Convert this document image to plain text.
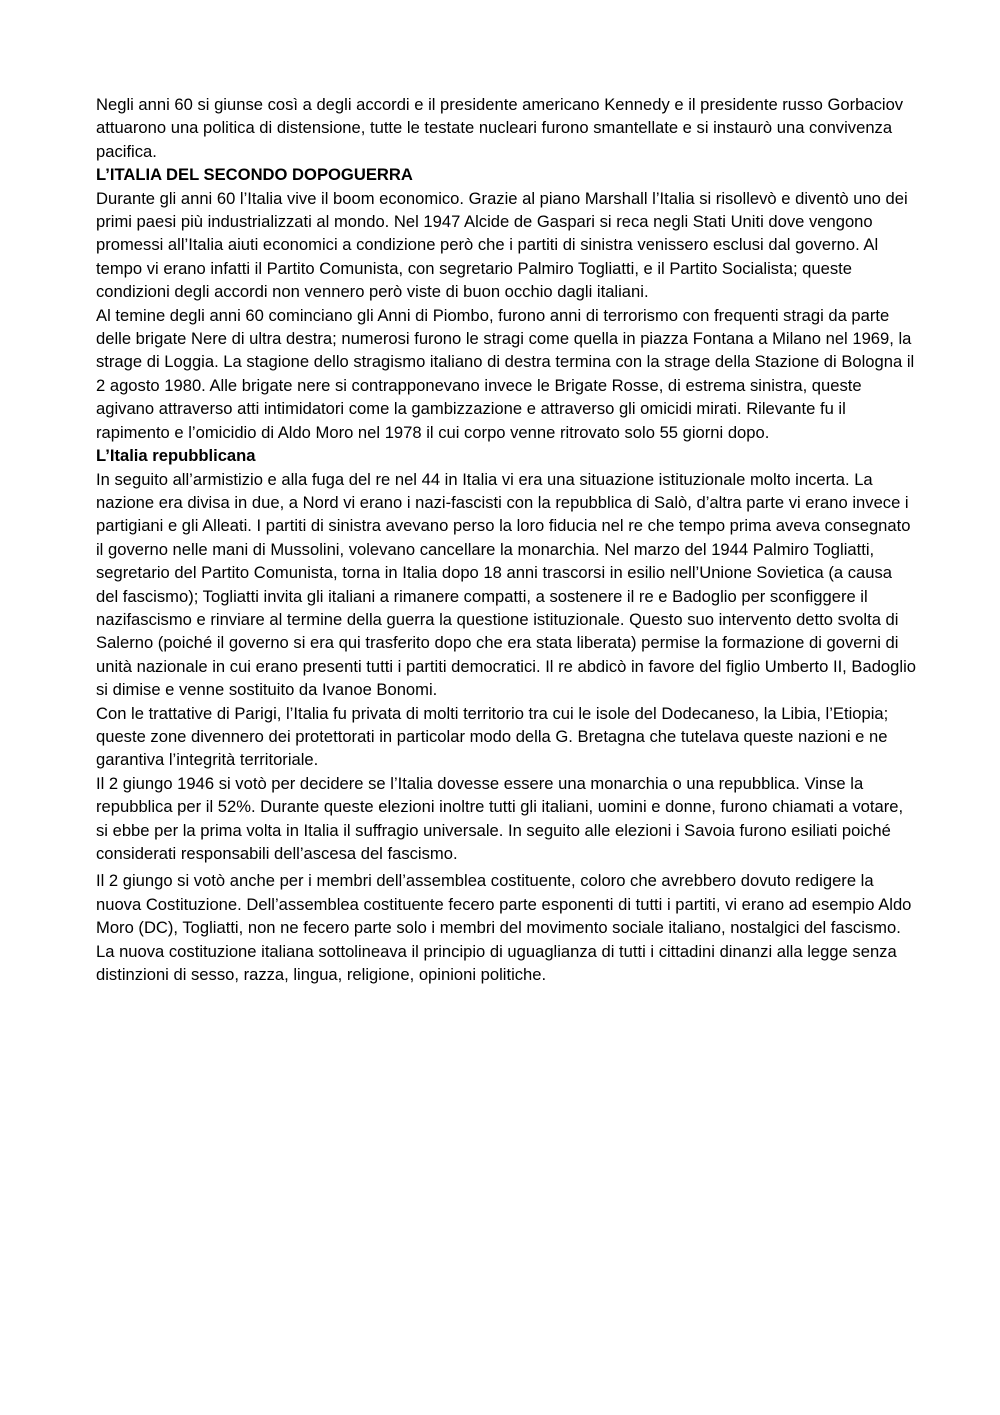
Negli anni 60 si giunse così a degli accordi e il presidente americano Kennedy e il presidente russo Gorbaciov attuarono una politica di distensione, tutte le testate nucleari furono smantellate e si instaurò una convivenza pacifica.

L’ITALIA DEL SECONDO DOPOGUERRA

Durante gli anni 60 l’Italia vive il boom economico. Grazie al piano Marshall l’Italia si risollevò e diventò uno dei primi paesi più industrializzati al mondo. Nel 1947 Alcide de Gaspari si reca negli Stati Uniti dove vengono promessi all’Italia aiuti economici a condizione però che i partiti di sinistra venissero esclusi dal governo. Al tempo vi erano infatti il Partito Comunista, con segretario Palmiro Togliatti, e il Partito Socialista; queste condizioni degli accordi non vennero però viste di buon occhio dagli italiani.

Al temine degli anni 60 cominciano gli Anni di Piombo, furono anni di terrorismo con frequenti stragi da parte delle brigate Nere di ultra destra; numerosi furono le stragi come quella in piazza Fontana a Milano nel 1969, la strage di Loggia. La stagione dello stragismo italiano di destra termina con la strage della Stazione di Bologna il 2 agosto 1980. Alle brigate nere si contrapponevano invece le Brigate Rosse, di estrema sinistra, queste agivano attraverso atti intimidatori come la gambizzazione e attraverso gli omicidi mirati. Rilevante fu il rapimento e l’omicidio di Aldo Moro nel 1978 il cui corpo venne ritrovato solo 55 giorni dopo.

L’Italia repubblicana

In seguito all’armistizio e alla fuga del re nel 44 in Italia vi era una situazione istituzionale molto incerta. La nazione era divisa in due, a Nord vi erano i nazi-fascisti con la repubblica di Salò, d’altra parte vi erano invece i partigiani e gli Alleati. I partiti di sinistra avevano perso la loro fiducia nel re che tempo prima aveva consegnato il governo nelle mani di Mussolini, volevano cancellare la monarchia. Nel marzo del 1944 Palmiro Togliatti, segretario del Partito Comunista, torna in Italia dopo 18 anni trascorsi in esilio nell’Unione Sovietica (a causa del fascismo); Togliatti invita gli italiani a rimanere compatti, a sostenere il re e Badoglio per sconfiggere il nazifascismo e rinviare al termine della guerra la questione istituzionale. Questo suo intervento detto svolta di Salerno (poiché il governo si era qui trasferito dopo che era stata liberata) permise la formazione di governi di unità nazionale in cui erano presenti tutti i partiti democratici. Il re abdicò in favore del figlio Umberto II, Badoglio si dimise e venne sostituito da Ivanoe Bonomi.

Con le trattative di Parigi, l’Italia fu privata di molti territorio tra cui le isole del Dodecaneso, la Libia, l’Etiopia; queste zone divennero dei protettorati in particolar modo della G. Bretagna che tutelava queste nazioni e ne garantiva l’integrità territoriale.

Il 2 giungo 1946 si votò per decidere se l’Italia dovesse essere una monarchia o una repubblica. Vinse la repubblica per il 52%. Durante queste elezioni inoltre tutti gli italiani, uomini e donne, furono chiamati a votare, si ebbe per la prima volta in Italia il suffragio universale. In seguito alle elezioni i Savoia furono esiliati poiché considerati responsabili dell’ascesa del fascismo.

Il 2 giungo si votò anche per i membri dell’assemblea costituente, coloro che avrebbero dovuto redigere la nuova Costituzione. Dell’assemblea costituente fecero parte esponenti di tutti i partiti, vi erano ad esempio Aldo Moro (DC), Togliatti, non ne fecero parte solo i membri del movimento sociale italiano, nostalgici del fascismo.

La nuova costituzione italiana sottolineava il principio di uguaglianza di tutti i cittadini dinanzi alla legge senza distinzioni di sesso, razza, lingua, religione, opinioni politiche.
